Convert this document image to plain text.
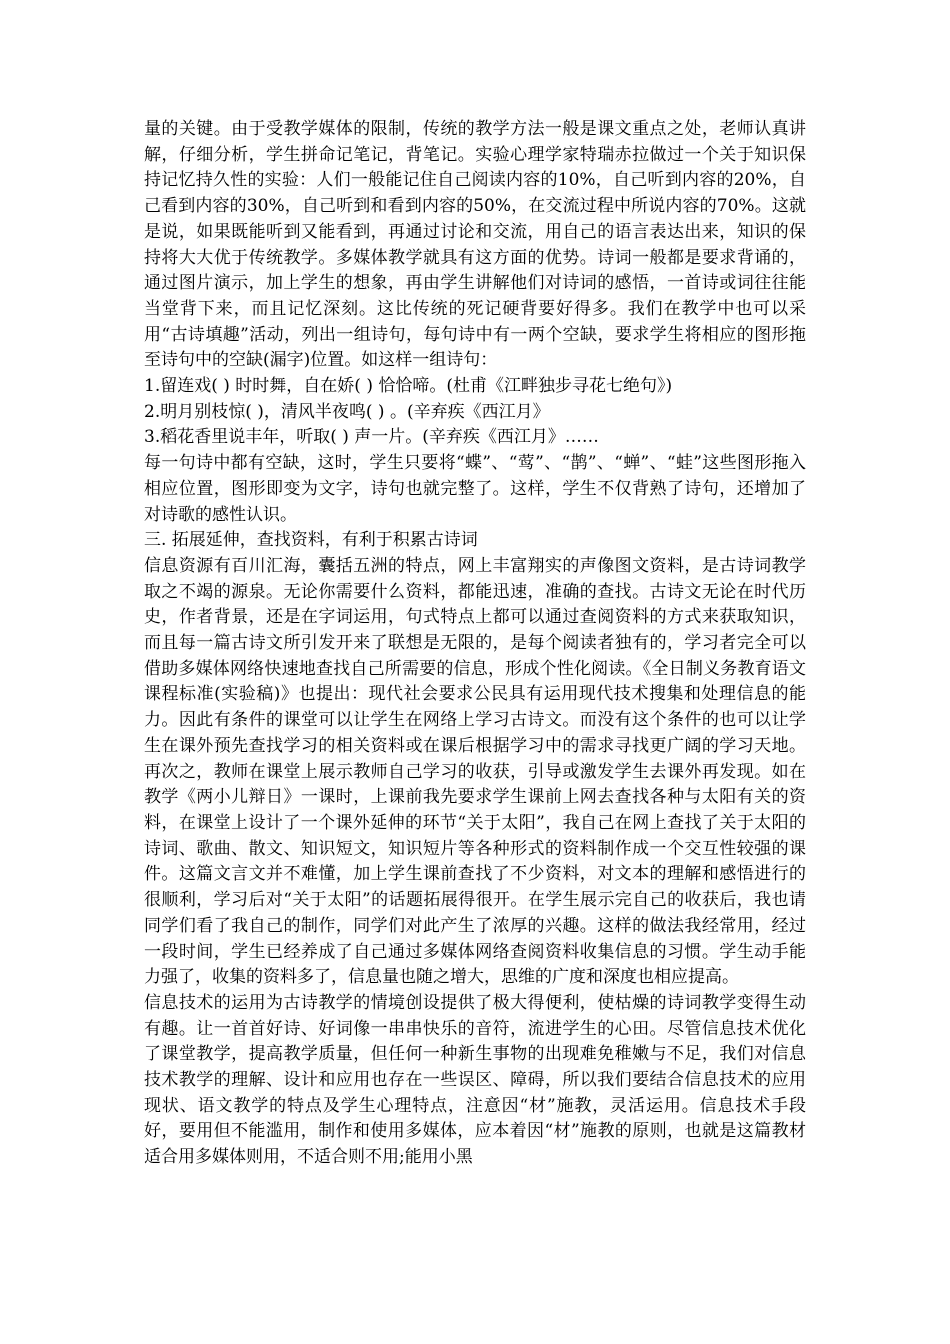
量的关键。由于受教学媒体的限制，传统的教学方法一般是课文重点之处，老师认真讲解，仔细分析，学生拼命记笔记，背笔记。实验心理学家特瑞赤拉做过一个关于知识保持记忆持久性的实验：人们一般能记住自己阅读内容的10%，自己听到内容的20%，自己看到内容的30%，自己听到和看到内容的50%，在交流过程中所说内容的70%。这就是说，如果既能听到又能看到，再通过讨论和交流，用自己的语言表达出来，知识的保持将大大优于传统教学。多媒体教学就具有这方面的优势。诗词一般都是要求背诵的，通过图片演示，加上学生的想象，再由学生讲解他们对诗词的感悟，一首诗或词往往能当堂背下来，而且记忆深刻。这比传统的死记硬背要好得多。我们在教学中也可以采用“古诗填趣”活动，列出一组诗句，每句诗中有一两个空缺，要求学生将相应的图形拖至诗句中的空缺(漏字)位置。如这样一组诗句：

1.留连戏( ) 时时舞，自在娇( ) 恰恰啼。(杜甫《江畔独步寻花七绝句》)

2.明月别枝惊( )，清风半夜鸣( ) 。(辛弃疾《西江月》

3.稻花香里说丰年，听取( ) 声一片。(辛弃疾《西江月》……

每一句诗中都有空缺，这时，学生只要将“蝶”、“莺”、“鹊”、“蝉”、“蛙”这些图形拖入相应位置，图形即变为文字，诗句也就完整了。这样，学生不仅背熟了诗句，还增加了对诗歌的感性认识。

三. 拓展延伸，查找资料，有利于积累古诗词

信息资源有百川汇海，囊括五洲的特点，网上丰富翔实的声像图文资料，是古诗词教学取之不竭的源泉。无论你需要什么资料，都能迅速，准确的查找。古诗文无论在时代历史，作者背景，还是在字词运用，句式特点上都可以通过查阅资料的方式来获取知识，而且每一篇古诗文所引发开来了联想是无限的，是每个阅读者独有的，学习者完全可以借助多媒体网络快速地查找自己所需要的信息，形成个性化阅读。《全日制义务教育语文课程标准(实验稿)》也提出：现代社会要求公民具有运用现代技术搜集和处理信息的能力。因此有条件的课堂可以让学生在网络上学习古诗文。而没有这个条件的也可以让学生在课外预先查找学习的相关资料或在课后根据学习中的需求寻找更广阔的学习天地。再次之，教师在课堂上展示教师自己学习的收获，引导或激发学生去课外再发现。如在教学《两小儿辩日》一课时，上课前我先要求学生课前上网去查找各种与太阳有关的资料，在课堂上设计了一个课外延伸的环节“关于太阳”，我自己在网上查找了关于太阳的诗词、歌曲、散文、知识短文，知识短片等各种形式的资料制作成一个交互性较强的课件。这篇文言文并不难懂，加上学生课前查找了不少资料，对文本的理解和感悟进行的很顺利，学习后对“关于太阳”的话题拓展得很开。在学生展示完自己的收获后，我也请同学们看了我自己的制作，同学们对此产生了浓厚的兴趣。这样的做法我经常用，经过一段时间，学生已经养成了自己通过多媒体网络查阅资料收集信息的习惯。学生动手能力强了，收集的资料多了，信息量也随之增大，思维的广度和深度也相应提高。

信息技术的运用为古诗教学的情境创设提供了极大得便利，使枯燥的诗词教学变得生动有趣。让一首首好诗、好词像一串串快乐的音符，流进学生的心田。尽管信息技术优化了课堂教学，提高教学质量，但任何一种新生事物的出现难免稚嫩与不足，我们对信息技术教学的理解、设计和应用也存在一些误区、障碍，所以我们要结合信息技术的应用现状、语文教学的特点及学生心理特点，注意因“材”施教，灵活运用。信息技术手段好，要用但不能滥用，制作和使用多媒体，应本着因“材”施教的原则，也就是这篇教材适合用多媒体则用，不适合则不用;能用小黑
